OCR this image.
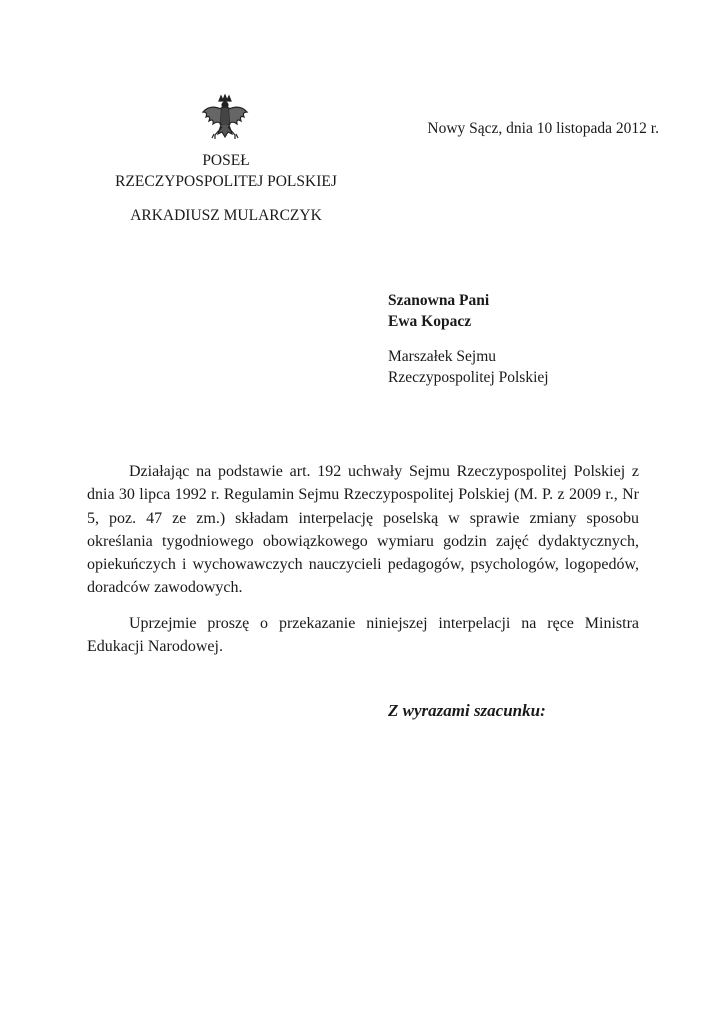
POSEŁ
RZECZYPOSPOLITEJ POLSKIEJ
ARKADIUSZ MULARCZYK
Nowy Sącz, dnia 10 listopada 2012 r.
Szanowna Pani
Ewa Kopacz
Marszałek Sejmu
Rzeczypospolitej Polskiej

Działając na podstawie art. 192 uchwały Sejmu Rzeczypospolitej Polskiej z dnia 30 lipca 1992 r. Regulamin Sejmu Rzeczypospolitej Polskiej (M. P. z 2009 r., Nr 5, poz. 47 ze zm.) składam interpelację poselską w sprawie zmiany sposobu określania tygodniowego obowiązkowego wymiaru godzin zajęć dydaktycznych, opiekuńczych i wychowawczych nauczycieli pedagogów, psychologów, logopedów, doradców zawodowych.

Uprzejmie proszę o przekazanie niniejszej interpelacji na ręce Ministra Edukacji Narodowej.

Z wyrazami szacunku:
